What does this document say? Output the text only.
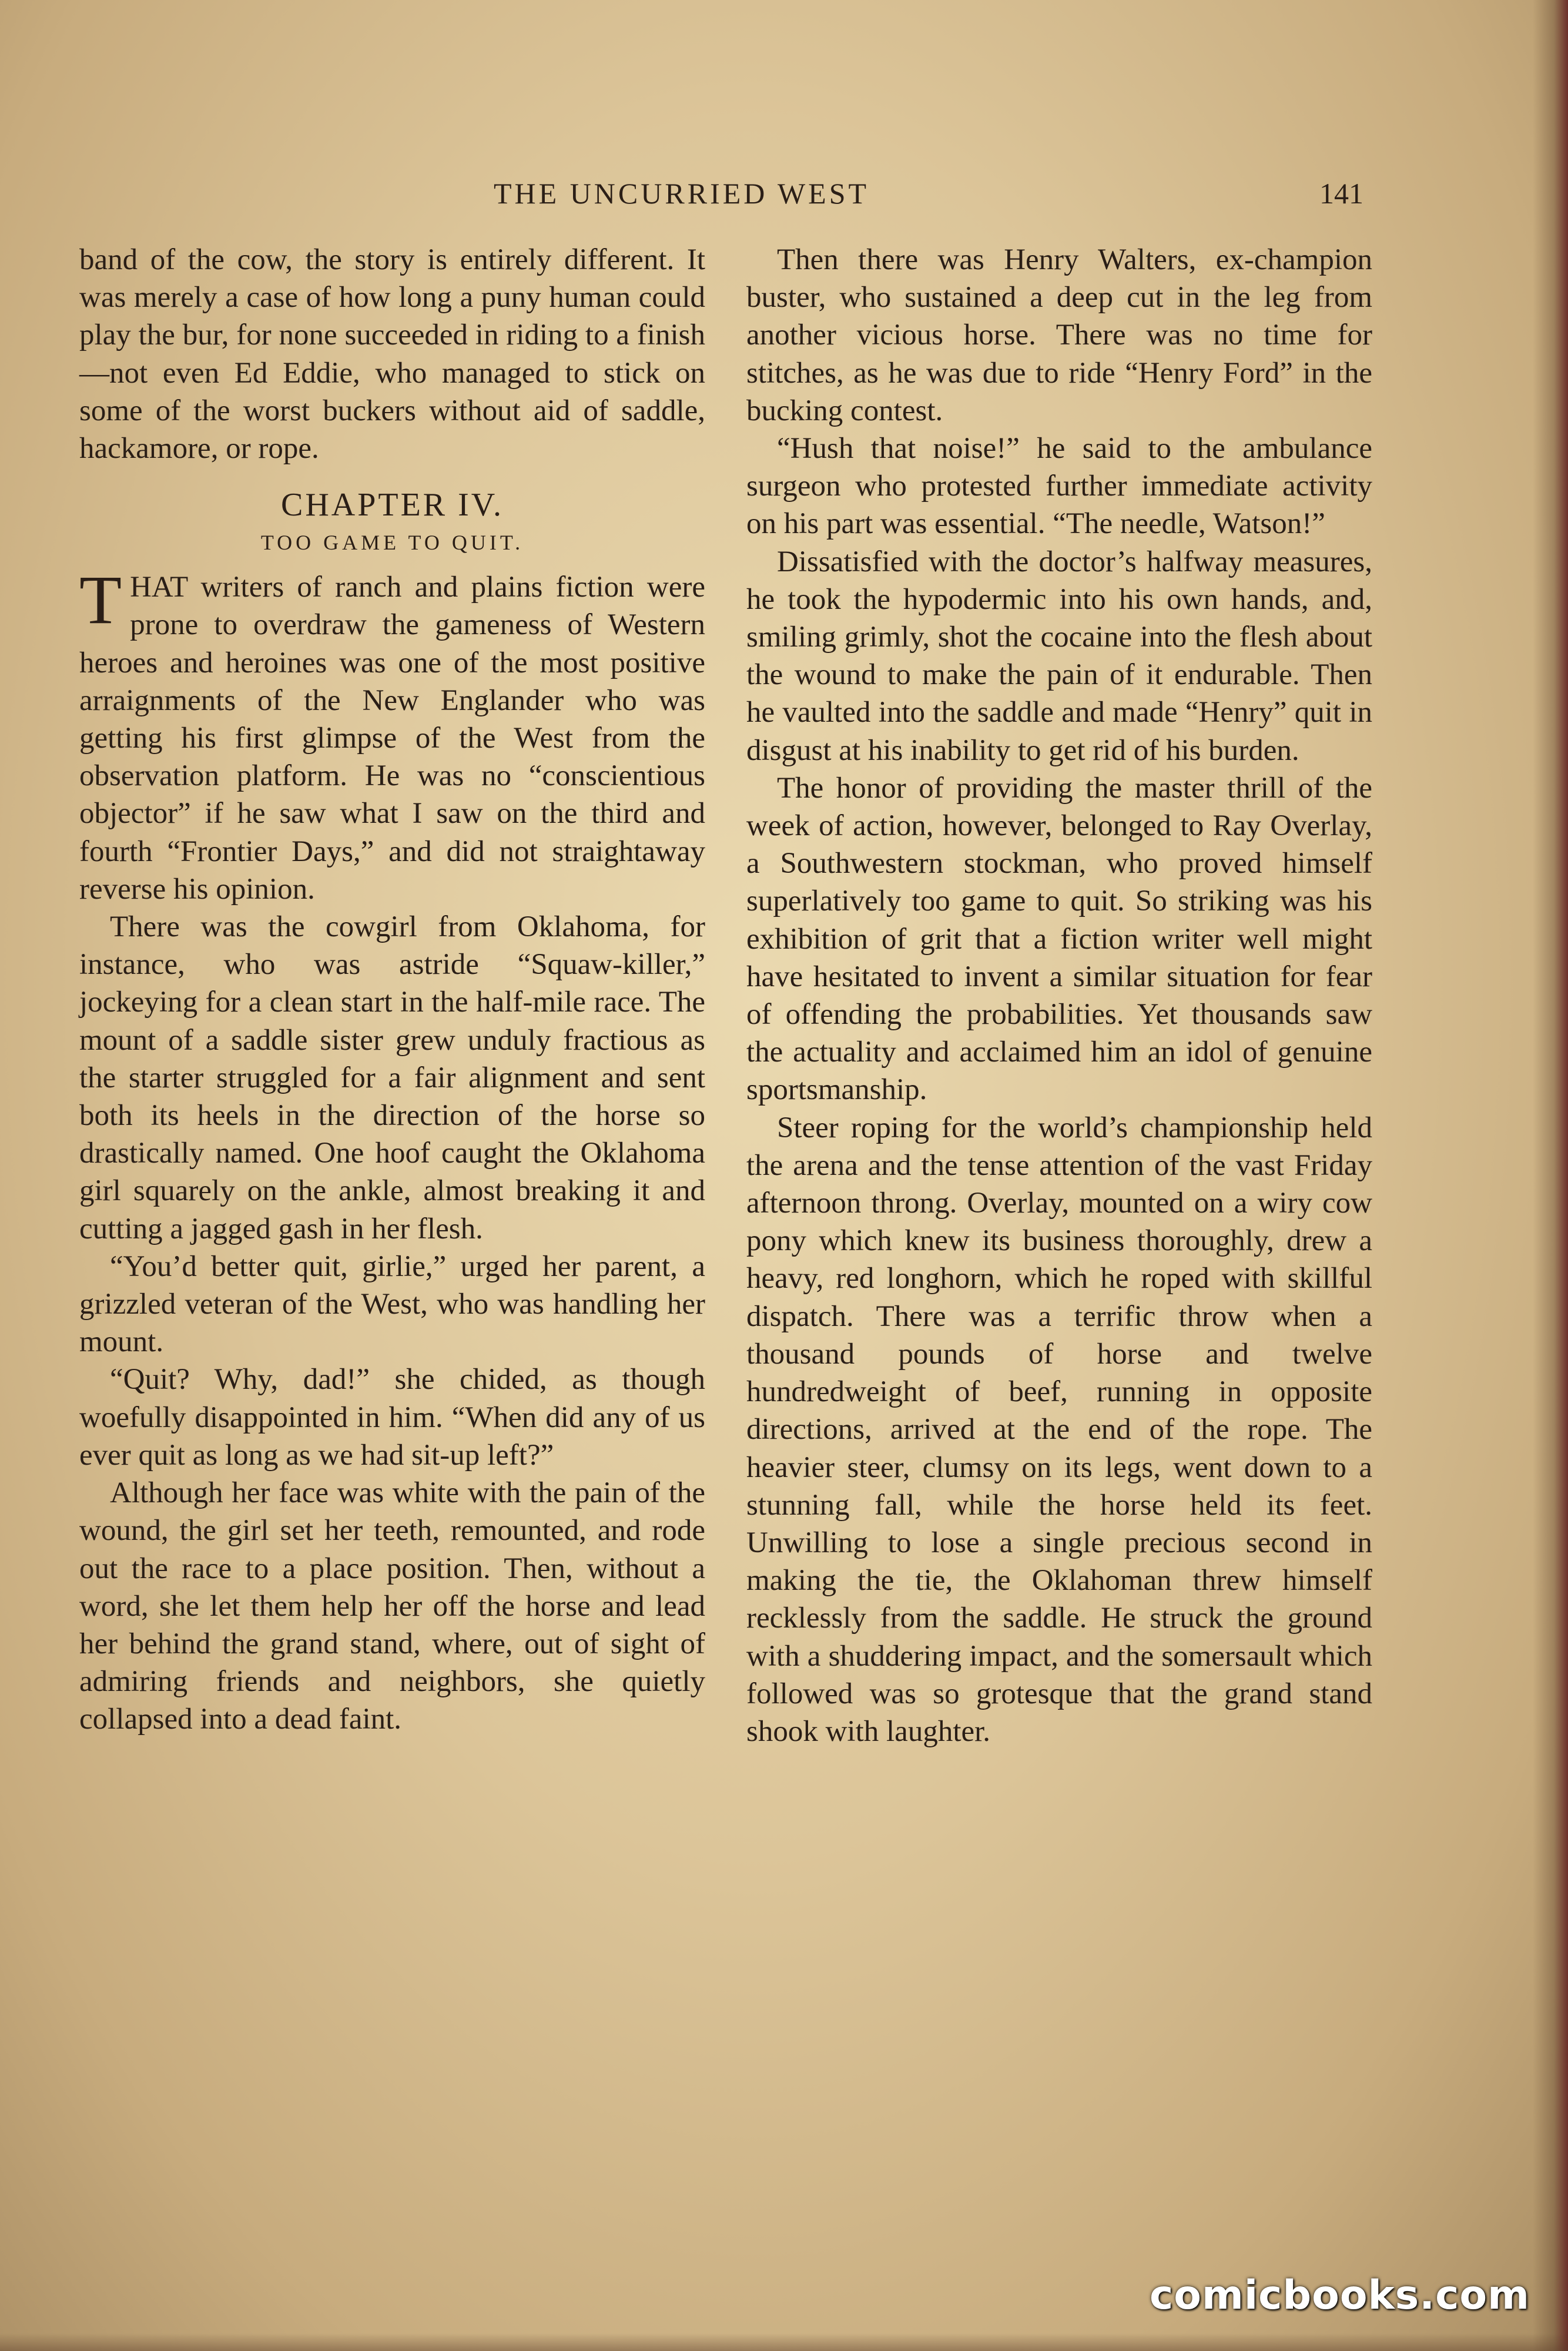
THE UNCURRIED WEST	141

band of the cow, the story is entirely different. It was merely a case of how long a puny human could play the bur, for none succeeded in riding to a finish —not even Ed Eddie, who managed to stick on some of the worst buckers without aid of saddle, hackamore, or rope.

CHAPTER IV.
TOO GAME TO QUIT.

THAT writers of ranch and plains fiction were prone to overdraw the gameness of Western heroes and heroines was one of the most positive arraignments of the New Englander who was getting his first glimpse of the West from the observation platform. He was no “conscientious objector” if he saw what I saw on the third and fourth “Frontier Days,” and did not straightaway reverse his opinion.

There was the cowgirl from Oklahoma, for instance, who was astride “Squaw-killer,” jockeying for a clean start in the half-mile race. The mount of a saddle sister grew unduly fractious as the starter struggled for a fair alignment and sent both its heels in the direction of the horse so drastically named. One hoof caught the Oklahoma girl squarely on the ankle, almost breaking it and cutting a jagged gash in her flesh.

“You’d better quit, girlie,” urged her parent, a grizzled veteran of the West, who was handling her mount.

“Quit? Why, dad!” she chided, as though woefully disappointed in him. “When did any of us ever quit as long as we had sit-up left?”

Although her face was white with the pain of the wound, the girl set her teeth, remounted, and rode out the race to a place position. Then, without a word, she let them help her off the horse and lead her behind the grand stand, where, out of sight of admiring friends and neighbors, she quietly collapsed into a dead faint.

Then there was Henry Walters, ex-champion buster, who sustained a deep cut in the leg from another vicious horse. There was no time for stitches, as he was due to ride “Henry Ford” in the bucking contest.

“Hush that noise!” he said to the ambulance surgeon who protested further immediate activity on his part was essential. “The needle, Watson!”

Dissatisfied with the doctor’s halfway measures, he took the hypodermic into his own hands, and, smiling grimly, shot the cocaine into the flesh about the wound to make the pain of it endurable. Then he vaulted into the saddle and made “Henry” quit in disgust at his inability to get rid of his burden.

The honor of providing the master thrill of the week of action, however, belonged to Ray Overlay, a Southwestern stockman, who proved himself superlatively too game to quit. So striking was his exhibition of grit that a fiction writer well might have hesitated to invent a similar situation for fear of offending the probabilities. Yet thousands saw the actuality and acclaimed him an idol of genuine sportsmanship.

Steer roping for the world’s championship held the arena and the tense attention of the vast Friday afternoon throng. Overlay, mounted on a wiry cow pony which knew its business thoroughly, drew a heavy, red longhorn, which he roped with skillful dispatch. There was a terrific throw when a thousand pounds of horse and twelve hundredweight of beef, running in opposite directions, arrived at the end of the rope. The heavier steer, clumsy on its legs, went down to a stunning fall, while the horse held its feet. Unwilling to lose a single precious second in making the tie, the Oklahoman threw himself recklessly from the saddle. He struck the ground with a shuddering impact, and the somersault which followed was so grotesque that the grand stand shook with laughter.

comicbooks.com
